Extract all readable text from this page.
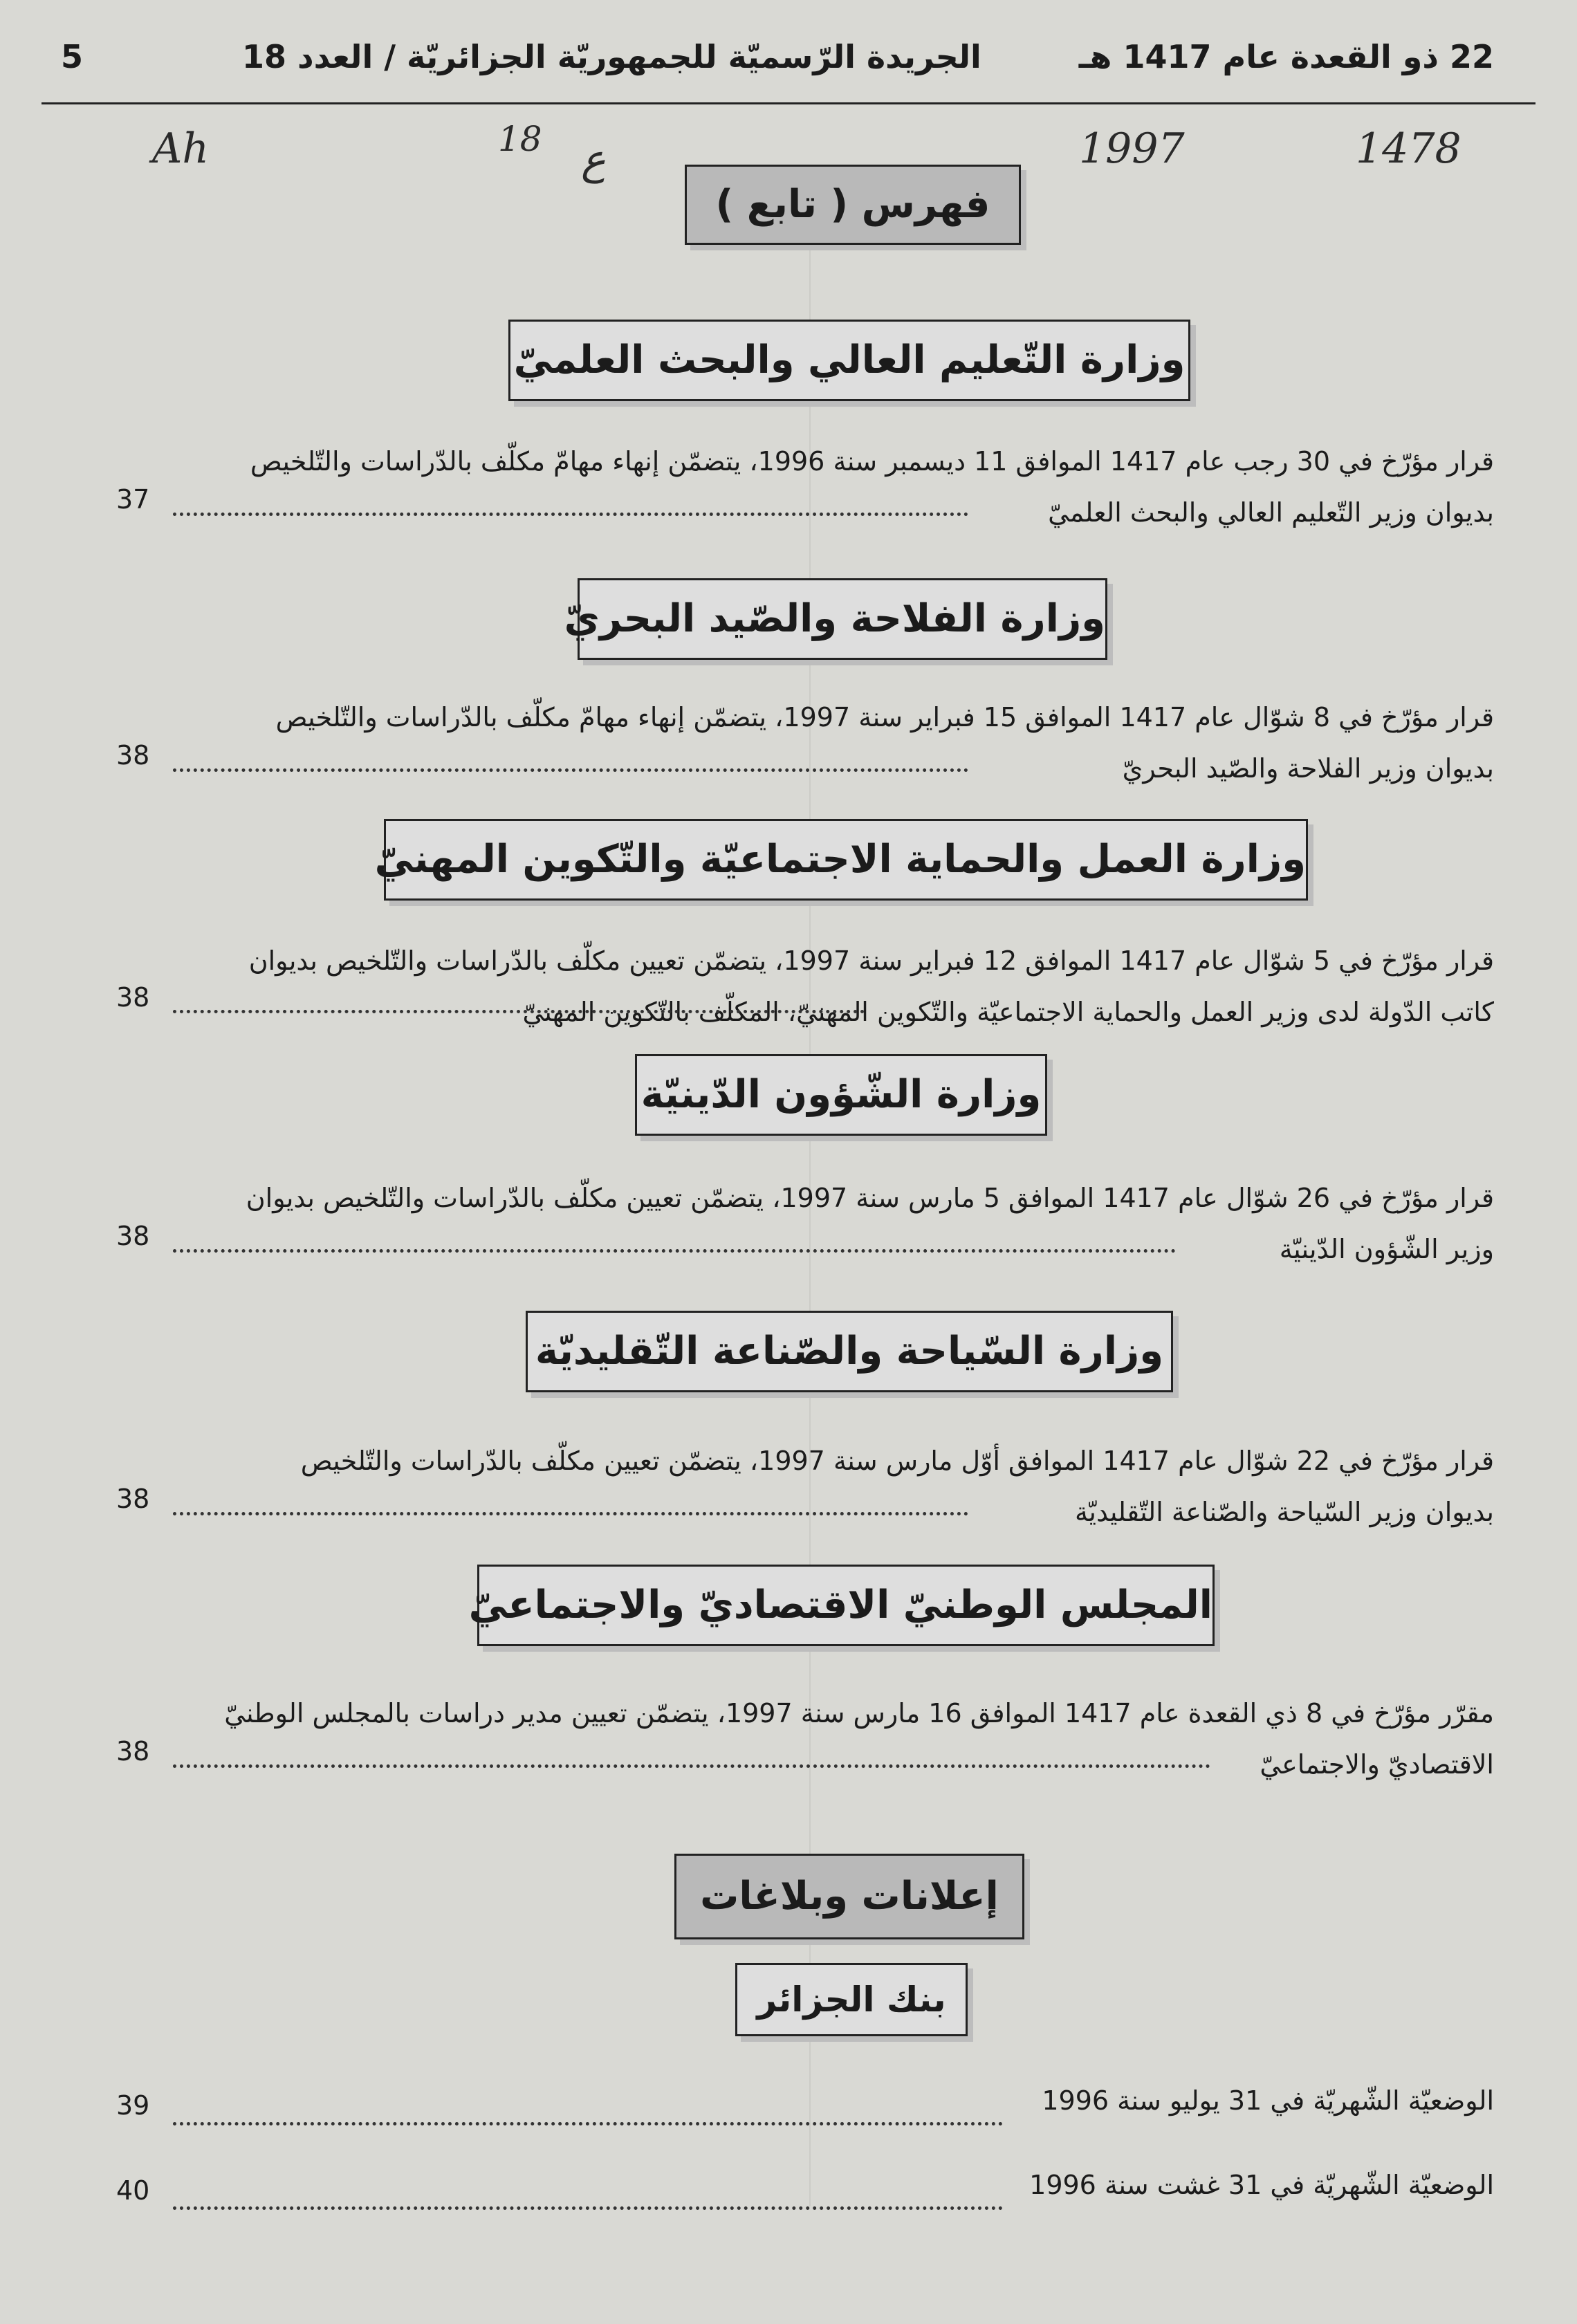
5	الجريدة الرّسميّة للجمهوريّة الجزائريّة / العدد 18	22 ذو القعدة عام 1417 هـ
Ah	18 ع	1997	1478
فهرس ( تابع )
وزارة التّعليم العالي والبحث العلميّ
قرار مؤرّخ في 30 رجب عام 1417 الموافق 11 ديسمبر سنة 1996، يتضمّن إنهاء مهامّ مكلّف بالدّراسات والتّلخيص
بديوان وزير التّعليم العالي والبحث العلميّ
37
وزارة الفلاحة والصّيد البحريّ
قرار مؤرّخ في 8 شوّال عام 1417 الموافق 15 فبراير سنة 1997، يتضمّن إنهاء مهامّ مكلّف بالدّراسات والتّلخيص
بديوان وزير الفلاحة والصّيد البحريّ
38
وزارة العمل والحماية الاجتماعيّة والتّكوين المهنيّ
قرار مؤرّخ في 5 شوّال عام 1417 الموافق 12 فبراير سنة 1997، يتضمّن تعيين مكلّف بالدّراسات والتّلخيص بديوان
كاتب الدّولة لدى وزير العمل والحماية الاجتماعيّة والتّكوين المهنيّ، المكلّف بالتّكوين المهنيّ
38
وزارة الشّؤون الدّينيّة
قرار مؤرّخ في 26 شوّال عام 1417 الموافق 5 مارس سنة 1997، يتضمّن تعيين مكلّف بالدّراسات والتّلخيص بديوان
وزير الشّؤون الدّينيّة
38
وزارة السّياحة والصّناعة التّقليديّة
قرار مؤرّخ في 22 شوّال عام 1417 الموافق أوّل مارس سنة 1997، يتضمّن تعيين مكلّف بالدّراسات والتّلخيص
بديوان وزير السّياحة والصّناعة التّقليديّة
38
المجلس الوطنيّ الاقتصاديّ والاجتماعيّ
مقرّر مؤرّخ في 8 ذي القعدة عام 1417 الموافق 16 مارس سنة 1997، يتضمّن تعيين مدير دراسات بالمجلس الوطنيّ
الاقتصاديّ والاجتماعيّ
38
إعلانات وبلاغات
بنك الجزائر
الوضعيّة الشّهريّة في 31 يوليو سنة 1996
39
الوضعيّة الشّهريّة في 31 غشت سنة 1996
40
